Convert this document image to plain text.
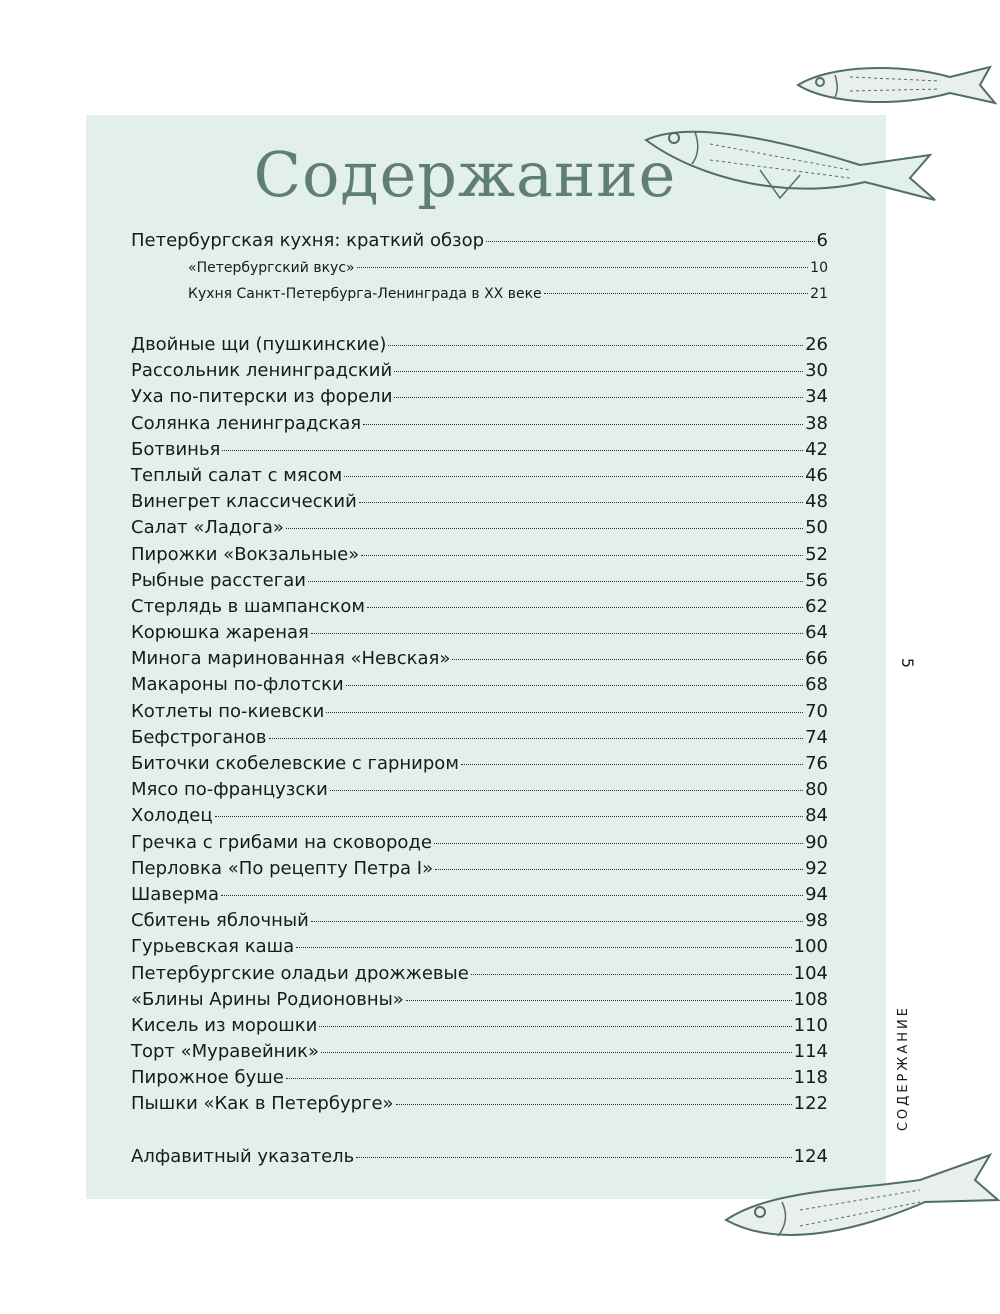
Содержание
Петербургская кухня: краткий обзор	6
«Петербургский вкус»	10
Кухня Санкт-Петербурга-Ленинграда в XX веке	21
Двойные щи (пушкинские)	26
Рассольник ленинградский	30
Уха по-питерски из форели	34
Солянка ленинградская	38
Ботвинья	42
Теплый салат с мясом	46
Винегрет классический	48
Салат «Ладога»	50
Пирожки «Вокзальные»	52
Рыбные расстегаи	56
Стерлядь в шампанском	62
Корюшка жареная	64
Минога маринованная «Невская»	66
Макароны по-флотски	68
Котлеты по-киевски	70
Бефстроганов	74
Биточки скобелевские с гарниром	76
Мясо по-французски	80
Холодец	84
Гречка с грибами на сковороде	90
Перловка «По рецепту Петра I»	92
Шаверма	94
Сбитень яблочный	98
Гурьевская каша	100
Петербургские оладьи дрожжевые	104
«Блины Арины Родионовны»	108
Кисель из морошки	110
Торт «Муравейник»	114
Пирожное буше	118
Пышки «Как в Петербурге»	122
Алфавитный указатель	124
5
СОДЕРЖАНИЕ
